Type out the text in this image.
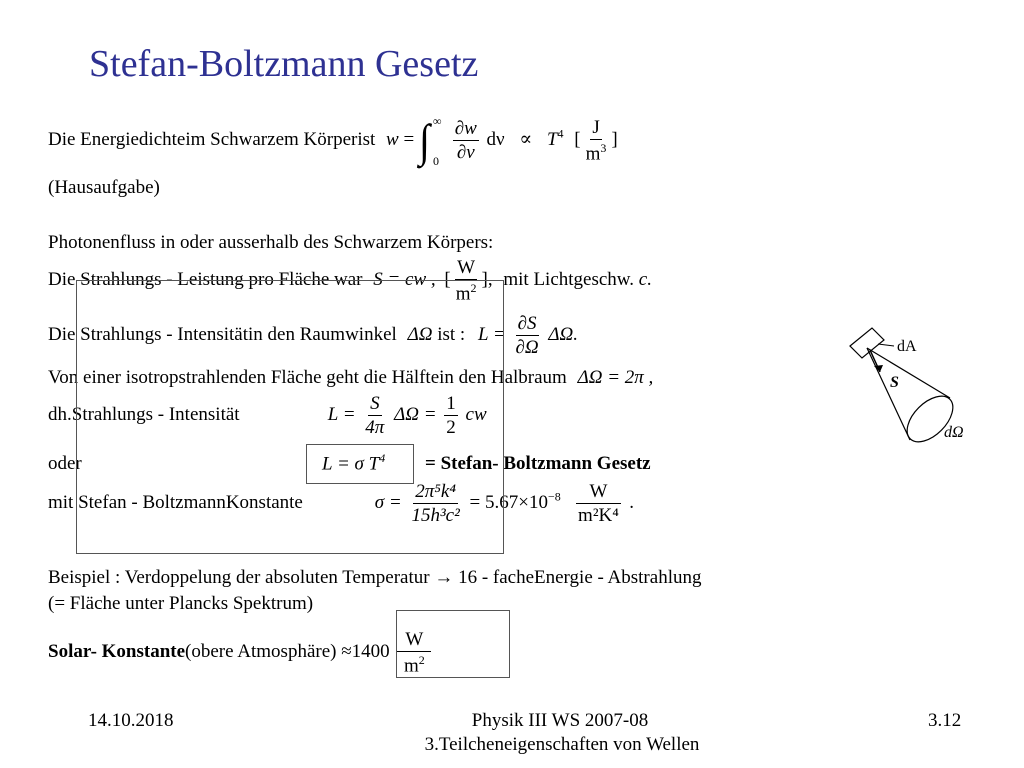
Stefan-Boltzmann Gesetz
Die Energiedichteim Schwarzem Körperist w = ∫ ∞
0
$\frac{\partial w}{\partial\nu}$ $d\nu \propto T^4$ [ $\frac{J}{m^3}$ ]
(Hausaufgabe)
Photonenfluss in oder ausserhalb des Schwarzem Körpers:
Die Strahlungs - Leistung pro Fläche war S = cw , [ $\frac{W}{m^2}$ ], mit Lichtgeschw. c.
Die Strahlungs - Intensitätin den Raumwinkel ΔΩ ist : $L = \frac{\partial S}{\partial\Omega} \Delta\Omega$.
Von einer isotropstrahlenden Fläche geht die Hälftein den Halbraum ΔΩ = 2π ,
dh.Strahlungs - Intensität	$L = \frac{S}{4\pi}$ $\Delta\Omega = \frac{1}{2}$ cw
oder	L = σ $T^4$ = Stefan- Boltzmann Gesetz
mit Stefan - BoltzmannKonstante	$\sigma = \frac{\text{2π⁵k⁴}}{\text{15h³c²}} = 5.67\times 10^{-8} \frac{W}{\text{m²K⁴}}$ .
Beispiel : Verdoppelung der absoluten Temperatur → 16 - facheEnergie - Abstrahlung
(= Fläche unter Plancks Spektrum)
Solar- Konstante(obere Atmosphäre) $\approx 1400 \frac{W}{m^2}$
dA
S
dΩ
14.10.2018	Physik III WS 2007-08
3.Teilcheneigenschaften von Wellen
3.12
